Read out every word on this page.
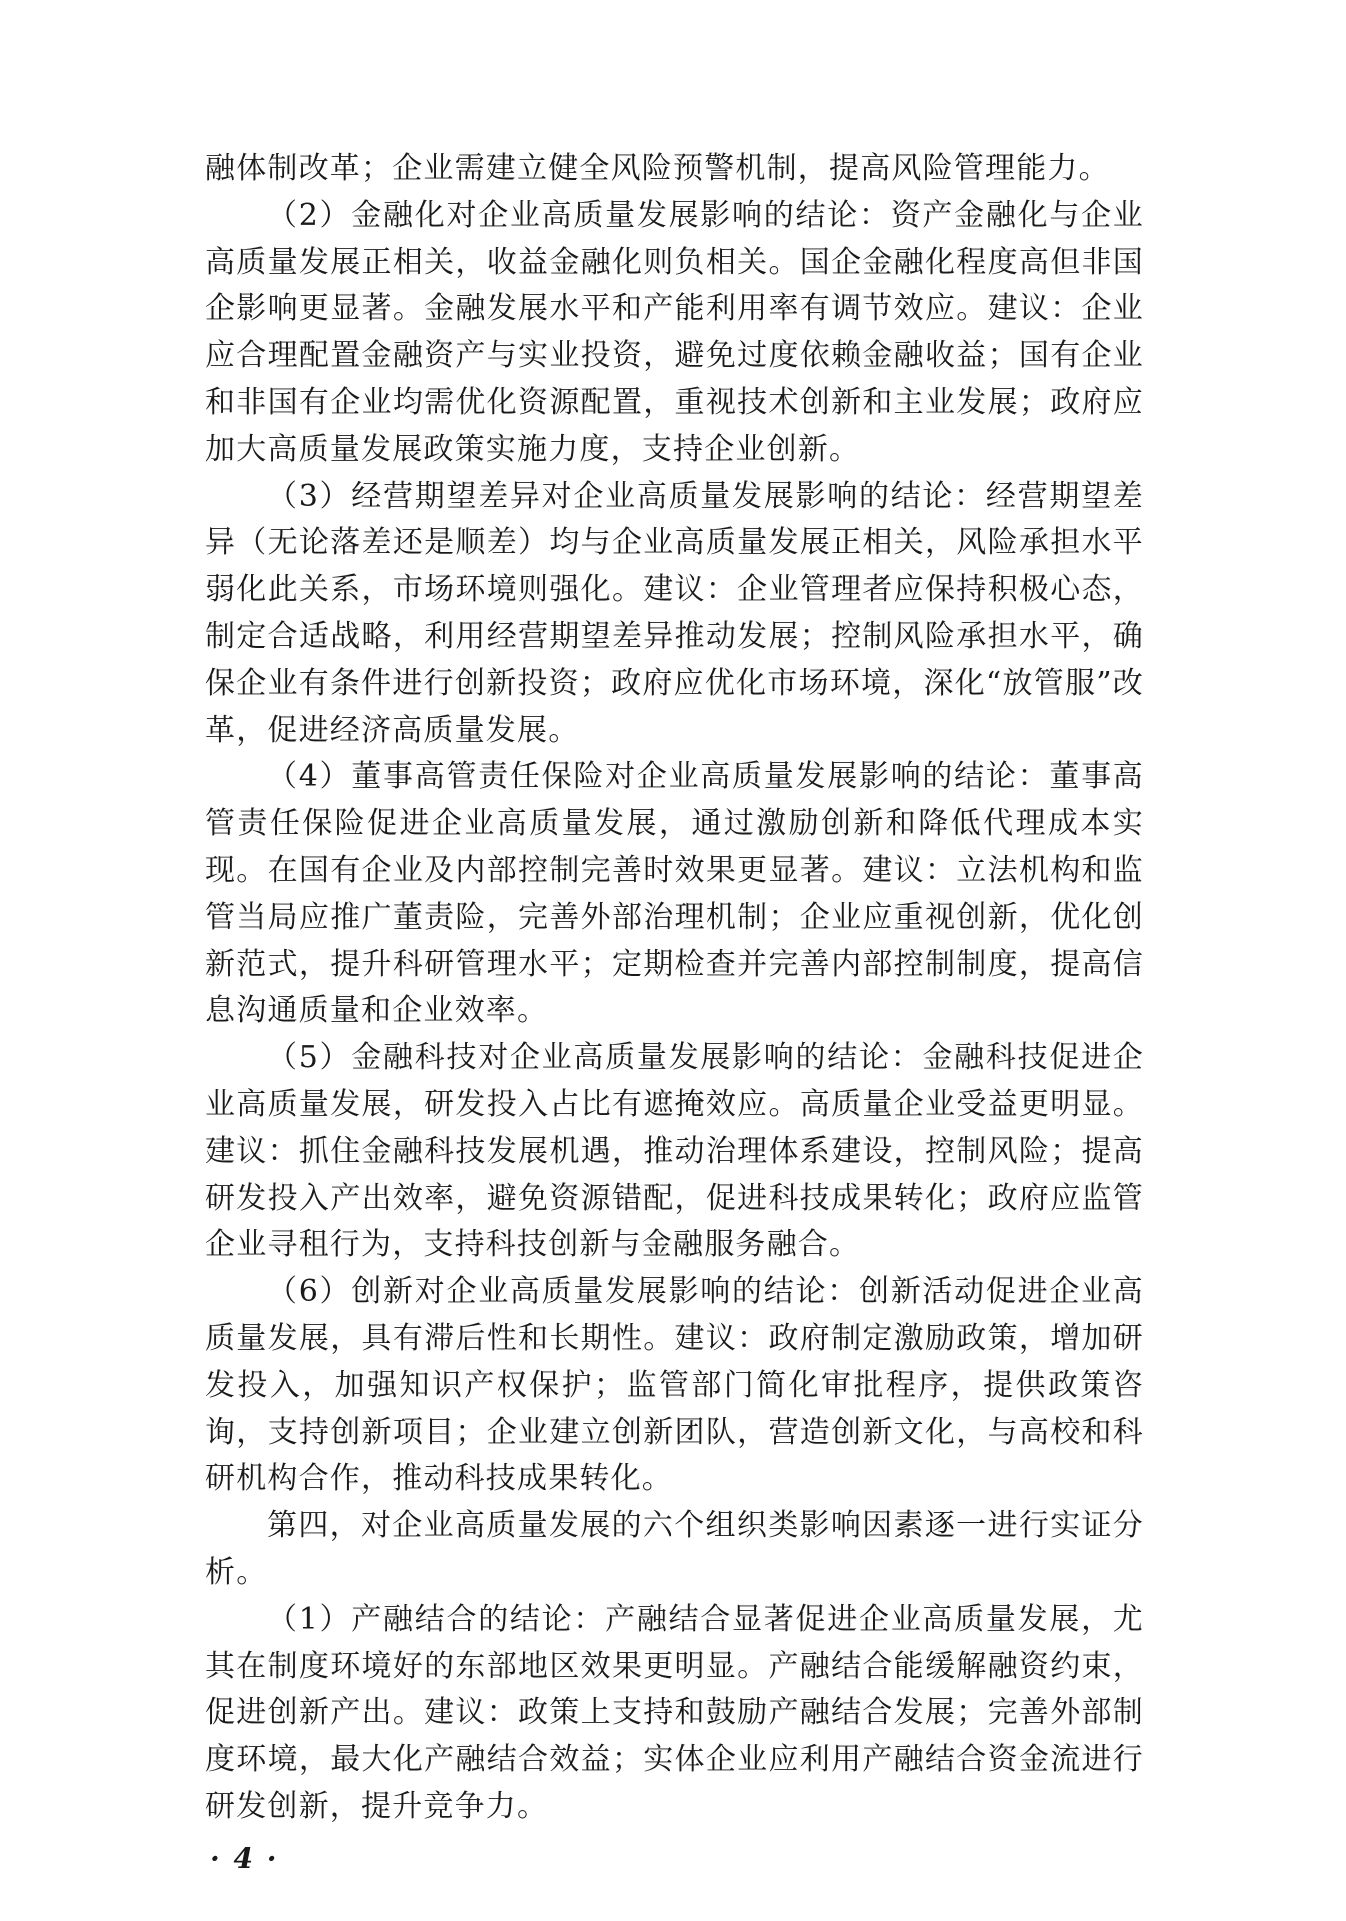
融体制改革；企业需建立健全风险预警机制，提高风险管理能力。

（2）金融化对企业高质量发展影响的结论：资产金融化与企业高质量发展正相关，收益金融化则负相关。国企金融化程度高但非国企影响更显著。金融发展水平和产能利用率有调节效应。建议：企业应合理配置金融资产与实业投资，避免过度依赖金融收益；国有企业和非国有企业均需优化资源配置，重视技术创新和主业发展；政府应加大高质量发展政策实施力度，支持企业创新。

（3）经营期望差异对企业高质量发展影响的结论：经营期望差异（无论落差还是顺差）均与企业高质量发展正相关，风险承担水平弱化此关系，市场环境则强化。建议：企业管理者应保持积极心态，制定合适战略，利用经营期望差异推动发展；控制风险承担水平，确保企业有条件进行创新投资；政府应优化市场环境，深化“放管服”改革，促进经济高质量发展。

（4）董事高管责任保险对企业高质量发展影响的结论：董事高管责任保险促进企业高质量发展，通过激励创新和降低代理成本实现。在国有企业及内部控制完善时效果更显著。建议：立法机构和监管当局应推广董责险，完善外部治理机制；企业应重视创新，优化创新范式，提升科研管理水平；定期检查并完善内部控制制度，提高信息沟通质量和企业效率。

（5）金融科技对企业高质量发展影响的结论：金融科技促进企业高质量发展，研发投入占比有遮掩效应。高质量企业受益更明显。建议：抓住金融科技发展机遇，推动治理体系建设，控制风险；提高研发投入产出效率，避免资源错配，促进科技成果转化；政府应监管企业寻租行为，支持科技创新与金融服务融合。

（6）创新对企业高质量发展影响的结论：创新活动促进企业高质量发展，具有滞后性和长期性。建议：政府制定激励政策，增加研发投入，加强知识产权保护；监管部门简化审批程序，提供政策咨询，支持创新项目；企业建立创新团队，营造创新文化，与高校和科研机构合作，推动科技成果转化。

第四，对企业高质量发展的六个组织类影响因素逐一进行实证分析。

（1）产融结合的结论：产融结合显著促进企业高质量发展，尤其在制度环境好的东部地区效果更明显。产融结合能缓解融资约束，促进创新产出。建议：政策上支持和鼓励产融结合发展；完善外部制度环境，最大化产融结合效益；实体企业应利用产融结合资金流进行研发创新，提升竞争力。

· 4 ·
